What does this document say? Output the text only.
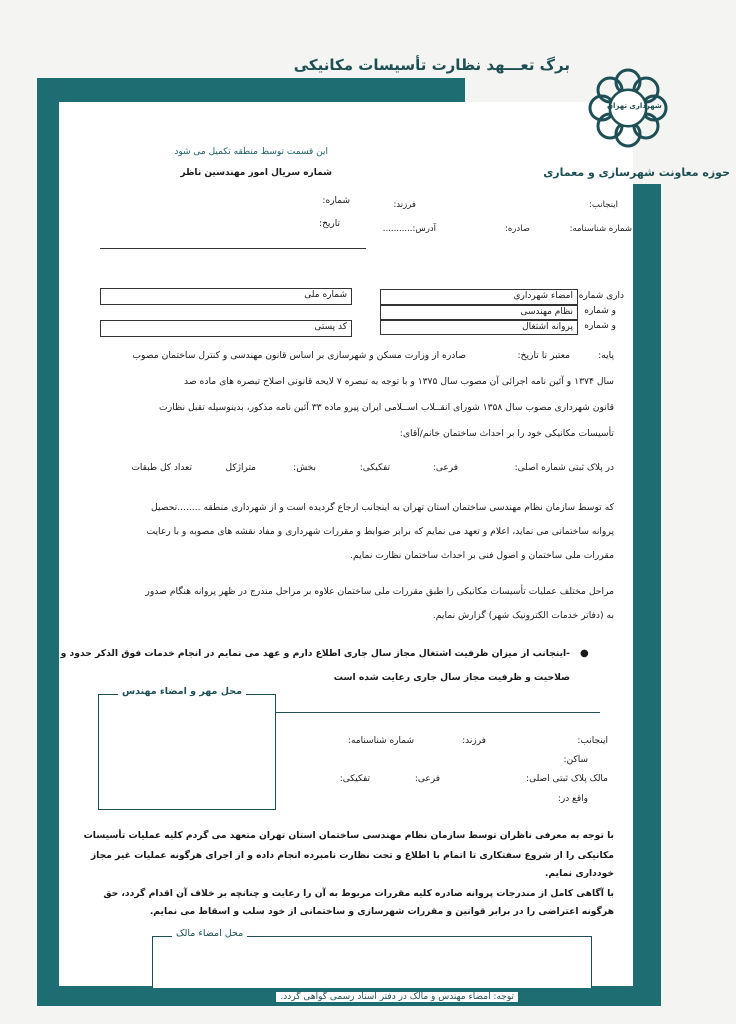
برگ تعـــهد نظارت تأسیسات مکانیکی
شهرداری تهران
حوزه معاونت شهرسازی و معماری
این قسمت توسط منطقه تکمیل می شود
شماره سریال امور مهندسین ناظر
شماره:
تاریخ:
اینجانب:
فرزند:
شماره شناسنامه:
صادره:
آدرس:...........
داری شماره
و شماره
و شماره
امضاء شهرداری
نظام مهندسی
پروانه اشتغال
شماره ملی
کد پستی
پایه:
معتبر تا تاریخ:
صادره از وزارت مسکن و شهرسازی بر اساس قانون مهندسی و کنترل ساختمان مصوب
سال ۱۳۷۴ و آئین نامه اجرائی آن مصوب سال ۱۳۷۵ و با توجه به تبصره ۷ لایحه قانونی اصلاح تبصره های ماده صد
قانون شهرداری مصوب سال ۱۳۵۸ شورای انقــلاب اســلامی ایران پیرو ماده ۳۳ آئین نامه مذکور، بدینوسیله تقبل نظارت
تأسیسات مکانیکی خود را بر احداث ساختمان خانم/آقای:
در پلاک ثبتی شماره اصلی:
فرعی:
تفکیکی:
بخش:
متراژکل
تعداد کل طبقات
که توسط سازمان نظام مهندسی ساختمان استان تهران به اینجانب ارجاع گردیده است و از شهرداری منطقه ........تحصیل
پروانه ساختمانی می نماید، اعلام و تعهد می نمایم که برابر ضوابط و مقررات شهرداری و مفاد نقشه های مصوبه و با رعایت
مقررات ملی ساختمان و اصول فنی بر احداث ساختمان نظارت نمایم.
مراحل مختلف عملیات تأسیسات مکانیکی را طبق مقررات ملی ساختمان علاوه بر مراحل مندرج در ظهر پروانه هنگام صدور
به (دفاتر خدمات الکترونیک شهر) گزارش نمایم.
●
-اینجانب از میزان ظرفیت اشتغال مجاز سال جاری اطلاع دارم و عهد می نمایم در انجام خدمات فوق الذکر حدود و
صلاحیت و ظرفیت مجاز سال جاری رعایت شده است
محل مهر و امضاء مهندس
اینجانب:
فرزند:
شماره شناسنامه:
ساکن:
مالک پلاک ثبتی اصلی:
فرعی:
تفکیکی:
واقع در:
با توجه به معرفی ناظران توسط سازمان نظام مهندسی ساختمان استان تهران متعهد می گردم کلیه عملیات تأسیسات
مکانیکی را از شروع سفتکاری تا اتمام با اطلاع و تحت نظارت نامبرده انجام داده و از اجرای هرگونه عملیات غیر مجاز
خودداری نمایم.
با آگاهی کامل از مندرجات پروانه صادره کلیه مقررات مربوط به آن را رعایت و چنانچه بر خلاف آن اقدام گردد، حق
هرگونه اعتراضی را در برابر قوانین و مقررات شهرسازی و ساختمانی از خود سلب و اسقاط می نمایم.
محل امضاء مالک
توجه: امضاء مهندس و مالک در دفتر اسناد رسمی گواهی گردد.
